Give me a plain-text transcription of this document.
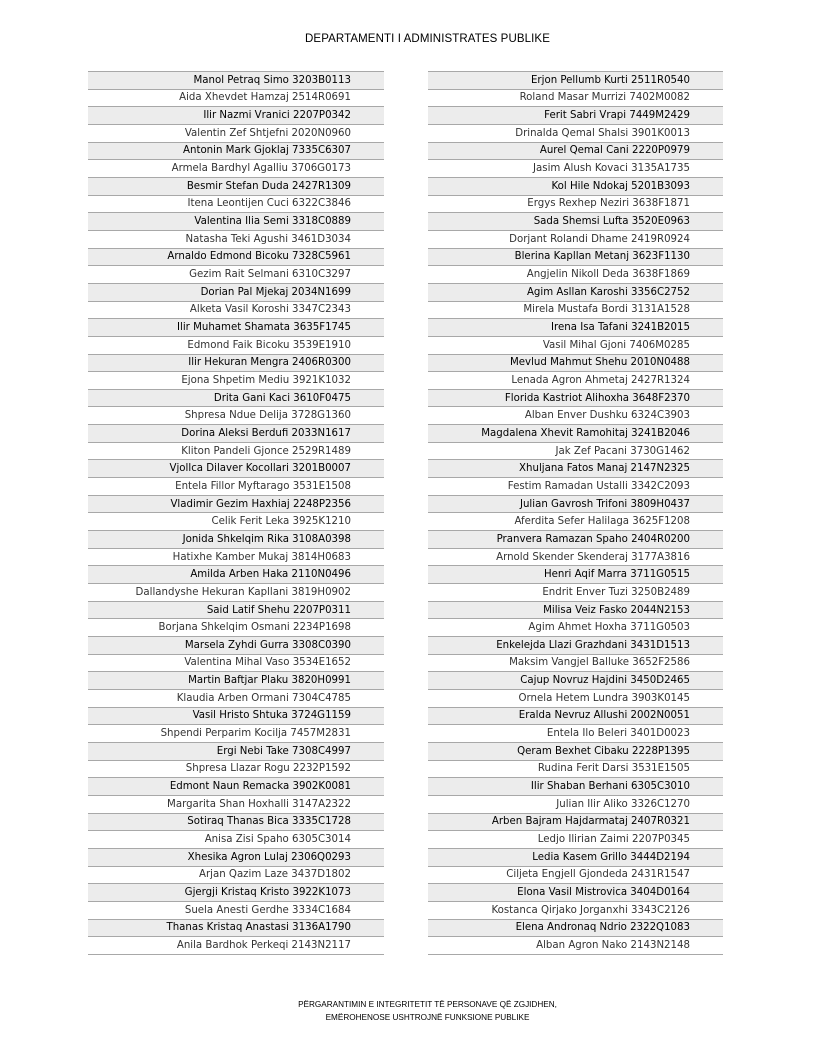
DEPARTAMENTI I ADMINISTRATES PUBLIKE
Manol Petraq Simo 3203B0113
Aida Xhevdet Hamzaj 2514R0691
Ilir Nazmi Vranici 2207P0342
Valentin Zef Shtjefni 2020N0960
Antonin Mark Gjoklaj 7335C6307
Armela Bardhyl Agalliu 3706G0173
Besmir Stefan Duda 2427R1309
Itena Leontijen Cuci 6322C3846
Valentina Ilia Semi 3318C0889
Natasha Teki Agushi 3461D3034
Arnaldo Edmond Bicoku 7328C5961
Gezim Rait Selmani 6310C3297
Dorian Pal Mjekaj 2034N1699
Alketa Vasil Koroshi 3347C2343
Ilir Muhamet Shamata 3635F1745
Edmond Faik Bicoku 3539E1910
Ilir Hekuran Mengra 2406R0300
Ejona Shpetim Mediu 3921K1032
Drita Gani Kaci 3610F0475
Shpresa Ndue Delija 3728G1360
Dorina Aleksi Berdufi 2033N1617
Kliton Pandeli Gjonce 2529R1489
Vjollca Dilaver Kocollari 3201B0007
Entela Fillor Myftarago 3531E1508
Vladimir Gezim Haxhiaj 2248P2356
Celik Ferit Leka 3925K1210
Jonida Shkelqim Rika 3108A0398
Hatixhe Kamber Mukaj 3814H0683
Amilda Arben Haka 2110N0496
Dallandyshe Hekuran Kapllani 3819H0902
Said Latif Shehu 2207P0311
Borjana Shkelqim Osmani 2234P1698
Marsela Zyhdi Gurra 3308C0390
Valentina Mihal Vaso 3534E1652
Martin Baftjar Plaku 3820H0991
Klaudia Arben Ormani 7304C4785
Vasil Hristo Shtuka 3724G1159
Shpendi Perparim Kocilja 7457M2831
Ergi Nebi Take 7308C4997
Shpresa Llazar Rogu 2232P1592
Edmont Naun Remacka 3902K0081
Margarita Shan Hoxhalli 3147A2322
Sotiraq Thanas Bica 3335C1728
Anisa Zisi Spaho 6305C3014
Xhesika Agron Lulaj 2306Q0293
Arjan Qazim Laze 3437D1802
Gjergji Kristaq Kristo 3922K1073
Suela Anesti Gerdhe 3334C1684
Thanas Kristaq Anastasi 3136A1790
Anila Bardhok Perkeqi 2143N2117
Erjon Pellumb Kurti 2511R0540
Roland Masar Murrizi 7402M0082
Ferit Sabri Vrapi 7449M2429
Drinalda Qemal Shalsi 3901K0013
Aurel Qemal Cani 2220P0979
Jasim Alush Kovaci 3135A1735
Kol Hile Ndokaj 5201B3093
Ergys Rexhep Neziri 3638F1871
Sada Shemsi Lufta 3520E0963
Dorjant Rolandi Dhame 2419R0924
Blerina Kapllan Metanj 3623F1130
Angjelin Nikoll Deda 3638F1869
Agim Asllan Karoshi 3356C2752
Mirela Mustafa Bordi 3131A1528
Irena Isa Tafani 3241B2015
Vasil Mihal Gjoni 7406M0285
Mevlud Mahmut Shehu 2010N0488
Lenada Agron Ahmetaj 2427R1324
Florida Kastriot Alihoxha 3648F2370
Alban Enver Dushku 6324C3903
Magdalena Xhevit Ramohitaj 3241B2046
Jak Zef Pacani 3730G1462
Xhuljana Fatos Manaj 2147N2325
Festim Ramadan Ustalli 3342C2093
Julian Gavrosh Trifoni 3809H0437
Aferdita Sefer Halilaga 3625F1208
Pranvera Ramazan Spaho 2404R0200
Arnold Skender Skenderaj 3177A3816
Henri Aqif Marra 3711G0515
Endrit Enver Tuzi 3250B2489
Milisa Veiz Fasko 2044N2153
Agim Ahmet Hoxha 3711G0503
Enkelejda Llazi Grazhdani 3431D1513
Maksim Vangjel Balluke 3652F2586
Cajup Novruz Hajdini 3450D2465
Ornela Hetem Lundra 3903K0145
Eralda Nevruz Allushi 2002N0051
Entela Ilo Beleri 3401D0023
Qeram Bexhet Cibaku 2228P1395
Rudina Ferit Darsi 3531E1505
Ilir Shaban Berhani 6305C3010
Julian Ilir Aliko 3326C1270
Arben Bajram Hajdarmataj 2407R0321
Ledjo Ilirian Zaimi 2207P0345
Ledia Kasem Grillo 3444D2194
Ciljeta Engjell Gjondeda 2431R1547
Elona Vasil Mistrovica 3404D0164
Kostanca Qirjako Jorganxhi 3343C2126
Elena Andronaq Ndrio 2322Q1083
Alban Agron Nako 2143N2148
PËRGARANTIMIN E INTEGRITETIT TË PERSONAVE QË ZGJIDHEN,
EMËROHENOSE USHTROJNË FUNKSIONE PUBLIKE
